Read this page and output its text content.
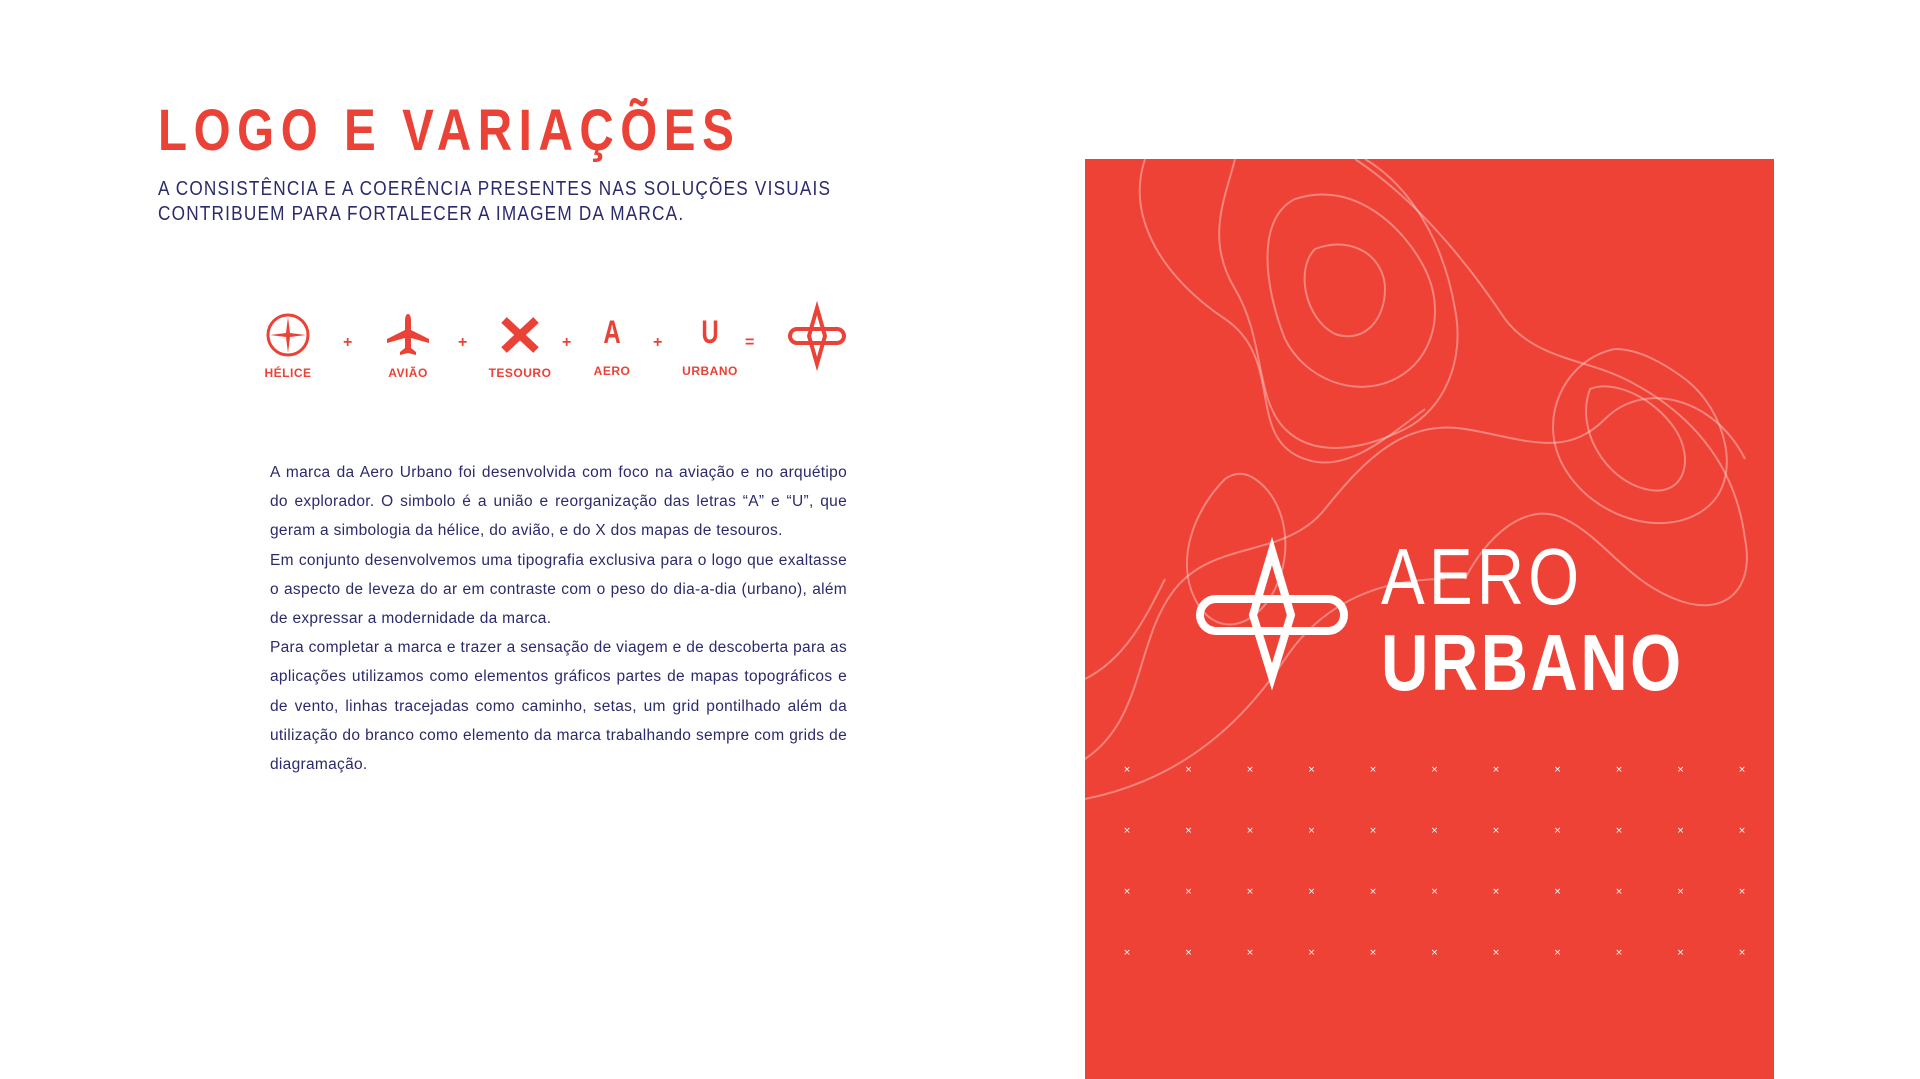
LOGO E VARIAÇÕES
A CONSISTÊNCIA E A COERÊNCIA PRESENTES NAS SOLUÇÕES VISUAIS
CONTRIBUEM PARA FORTALECER A IMAGEM DA MARCA.
HÉLICE
+
AVIÃO
+
TESOURO
+ A
AERO
+	U
URBANO
=

A marca da Aero Urbano foi desenvolvida com foco na aviação e no arquétipo do explorador. O simbolo é a união e reorganização das letras “A” e “U”, que geram a simbologia da hélice, do avião, e do X dos mapas de tesouros.

Em conjunto desenvolvemos uma tipografia exclusiva para o logo que exaltasse o aspecto de leveza do ar em contraste com o peso do dia-a-dia (urbano), além de expressar a modernidade da marca.

Para completar a marca e trazer a sensação de viagem e de descoberta para as aplicações utilizamos como elementos gráficos partes de mapas topográficos e de vento, linhas tracejadas como caminho, setas, um grid pontilhado além da utilização do branco como elemento da marca trabalhando sempre com grids de diagramação.

AERO
URBANO
×	×	×	×	×	×	×	×	×	×	×
×	×	×	×	×	×	×	×	×	×	×
×	×	×	×	×	×	×	×	×	×	×
×	×	×	×	×	×	×	×	×	×	×
